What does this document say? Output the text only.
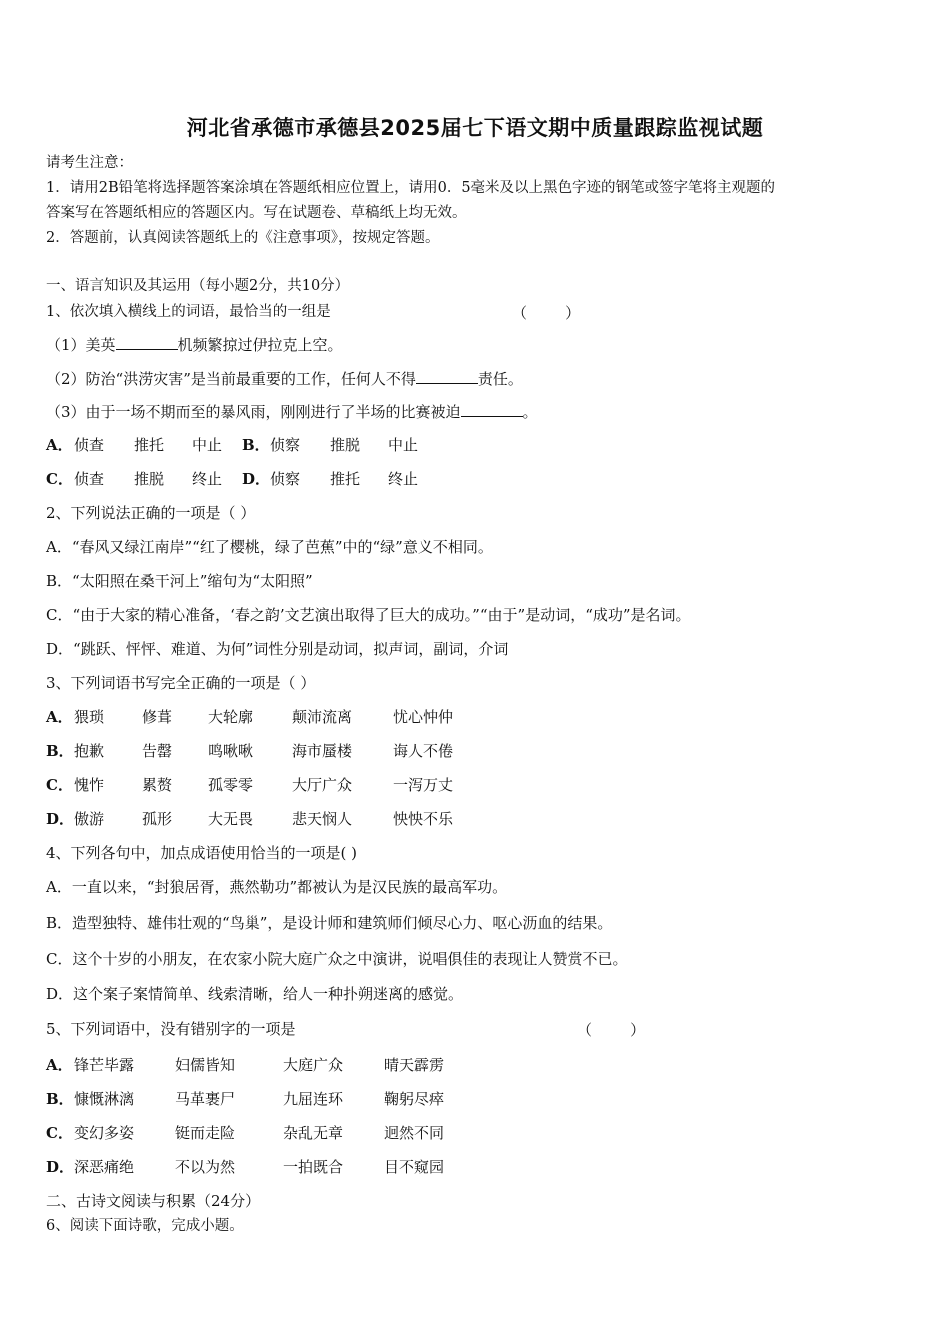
河北省承德市承德县2025届七下语文期中质量跟踪监视试题
请考生注意：
1．请用2B铅笔将选择题答案涂填在答题纸相应位置上，请用0．5毫米及以上黑色字迹的钢笔或签字笔将主观题的
答案写在答题纸相应的答题区内。写在试题卷、草稿纸上均无效。
2．答题前，认真阅读答题纸上的《注意事项》，按规定答题。
一、语言知识及其运用（每小题2分，共10分）
1、依次填入横线上的词语，最恰当的一组是	（        ）
（1）美英	机频繁掠过伊拉克上空。
（2）防治“洪涝灾害”是当前最重要的工作，任何人不得	责任。
（3）由于一场不期而至的暴风雨，刚刚进行了半场的比赛被迫	。
A．侦查 推托 中止 B．侦察 推脱 中止
C．侦查 推脱 终止 D．侦察 推托 终止
2、下列说法正确的一项是（ ）
A．“春风又绿江南岸”“红了樱桃，绿了芭蕉”中的“绿”意义不相同。
B．“太阳照在桑干河上”缩句为“太阳照”
C．“由于大家的精心准备，‘春之韵’文艺演出取得了巨大的成功。”“由于”是动词，“成功”是名词。
D．“跳跃、怦怦、难道、为何”词性分别是动词，拟声词，副词，介词
3、下列词语书写完全正确的一项是（ ）
A．猥琐	修葺 大轮廓	颠沛流离	忧心忡仲
B．抱歉	告罄 鸣啾啾	海市蜃楼	诲人不倦
C．愧怍	累赘 孤零零	大厅广众	一泻万丈
D．傲游	孤形 大无畏	悲天悯人	怏怏不乐
4、下列各句中，加点成语使用恰当的一项是( )
A．一直以来，“封狼居胥，燕然勒功”都被认为是汉民族的最高军功。
B．造型独特、雄伟壮观的“鸟巢”，是设计师和建筑师们倾尽心力、呕心沥血的结果。
C．这个十岁的小朋友，在农家小院大庭广众之中演讲，说唱俱佳的表现让人赞赏不已。
D．这个案子案情简单、线索清晰，给人一种扑朔迷离的感觉。
5、下列词语中，没有错别字的一项是	（        ）
A．锋芒毕露	妇儒皆知	大庭广众	晴天霹雳
B．慷慨淋漓	马革裹尸	九屈连环	鞠躬尽瘁
C．变幻多姿	铤而走险	杂乱无章	迥然不同
D．深恶痛绝	不以为然	一拍既合	目不窥园
二、古诗文阅读与积累（24分）
6、阅读下面诗歌，完成小题。
